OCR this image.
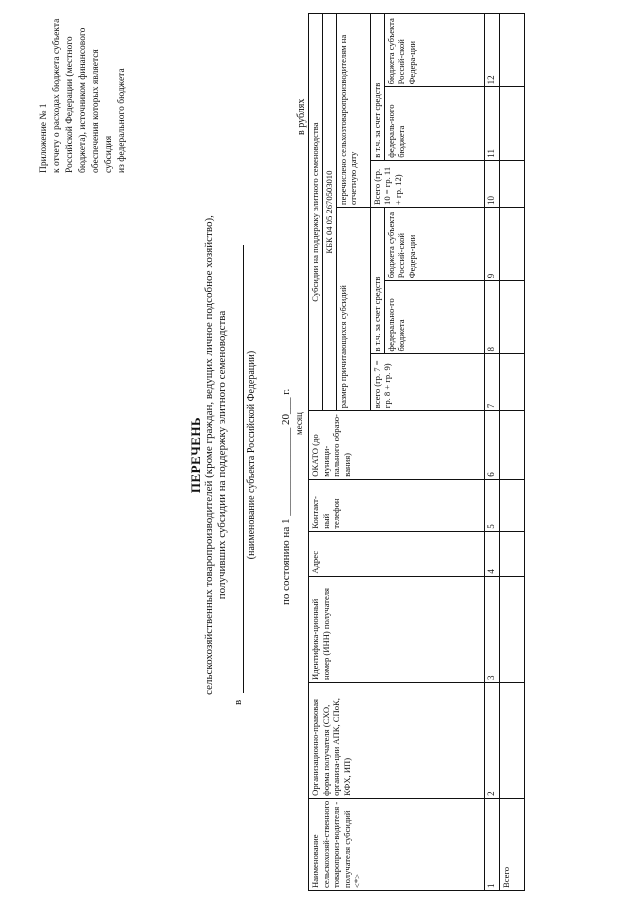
Приложение № 1 к отчету о расходах бюджета субъекта Российской Федерации (местного бюджета), источником финансового обеспечения которых является субсидия из федерального бюджета
ПЕРЕЧЕНЬ сельскохозяйственных товаропроизводителей (кроме граждан, ведущих личное подсобное хозяйство), получивших субсидии на поддержку элитного семеноводства
в
(наименование субъекта Российской Федерации) по состоянию на 1 ________________ 20___ г. месяц
в рублях
Наименование сельскохозяй-ственного товаропроиз-водителя - получателя субсидий <*>	Организационно-правовая форма получателя (СХО, организа-ции АПК, СПоК, КФХ, ИП)	Идентифика-ционный номер (ИНН) получателя	Адрес	Контакт-ный телефон	ОКАТО (до муници-пального образо-вания)	Субсидии на поддержку элитного семеноводства					
						КБК 04 05 2670503010					
						размер причитающихся субсидий			перечислено сельхозтоваропроизводителям на отчетную дату		
						всего (гр. 7 = гр. 8 + гр. 9)	в т.ч. за счет средств		Всего (гр. 10 = гр. 11 + гр. 12)	в т.ч. за счет средств	
							федерально-го бюджета	бюджета субъекта Россий-ской Федера-ции		федераль-ного бюджета	бюджета субъекта Россий-ской Федера-ции
1	2	3	4	5	6	7	8	9	10	11	12
Всего											
